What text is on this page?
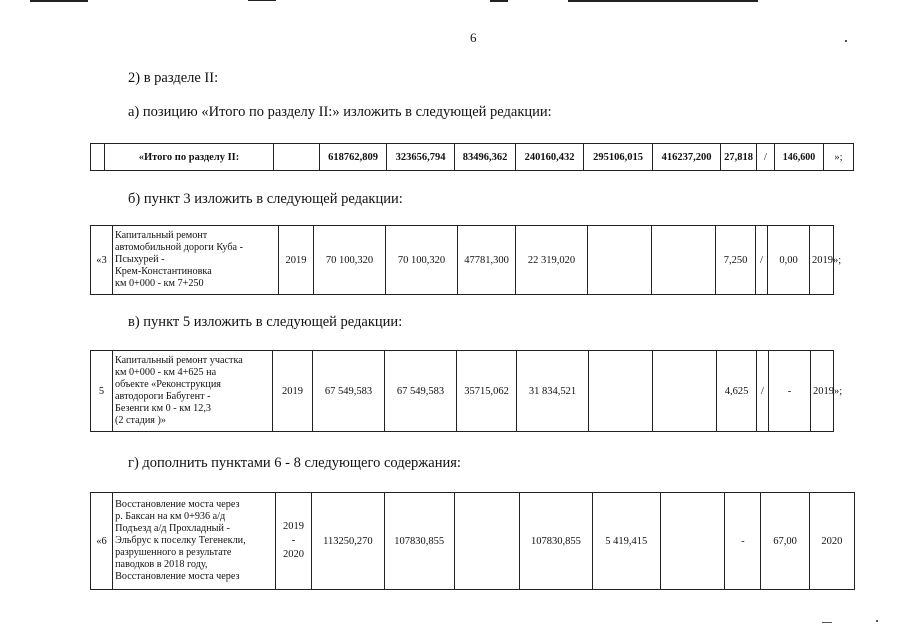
6
2) в разделе II:
а) позицию «Итого по разделу II:» изложить в следующей редакции:
	«Итого по разделу II:		618762,809	323656,794	83496,362	240160,432	295106,015	416237,200	27,818	/	146,600	»;
б) пункт 3 изложить в следующей редакции:
«3	
Капитальный ремонт
автомобильной дороги Куба -
Псыхурей -
Крем-Константиновка
км 0+000 - км 7+250
	2019	70 100,320	70 100,320	47781,300	22 319,020			7,250	/	0,00	2019»;
в) пункт 5 изложить в следующей редакции:
5	
Капитальный ремонт участка
км 0+000 - км 4+625 на
объекте «Реконструкция
автодороги Бабугент -
Безенги км 0 - км 12,3
(2 стадия )»
	2019	67 549,583	67 549,583	35715,062	31 834,521			4,625	/	-	2019»;
г) дополнить пунктами 6 - 8 следующего содержания:
«6	
Восстановление моста через
р. Баксан на км 0+936 а/д
Подъезд а/д Прохладный -
Эльбрус к поселку Тегенекли,
разрушенного в результате
паводков в 2018 году,
Восстановление моста через

2019
-
2020
	113250,270	107830,855		107830,855	5 419,415		-	67,00	2020
